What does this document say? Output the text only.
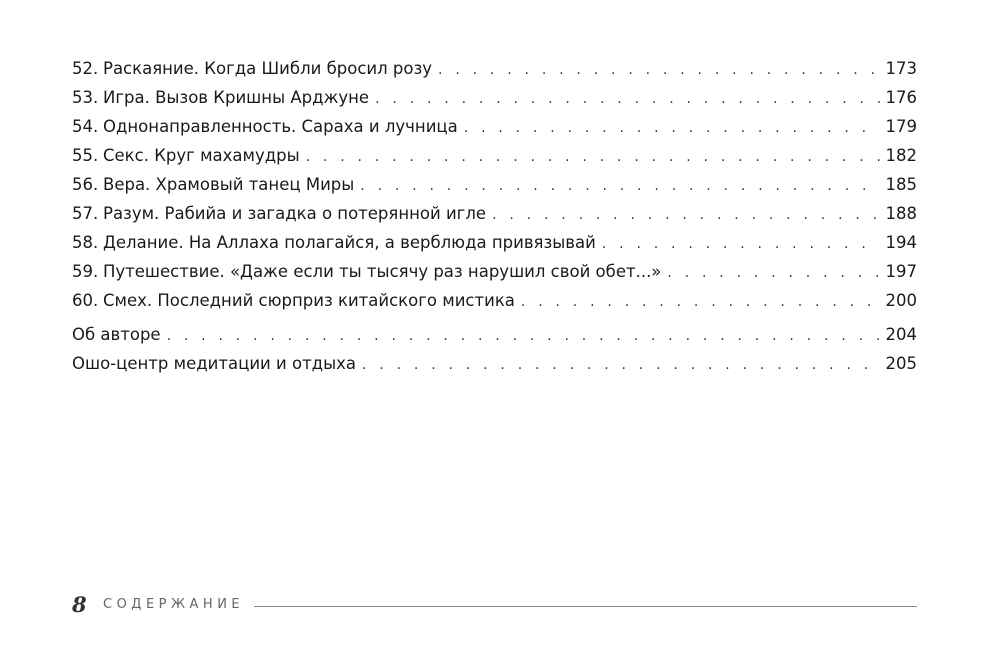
52. Раскаяние. Когда Шибли бросил розу . . .	173
53. Игра. Вызов Кришны Арджуне . . .	176
54. Однонаправленность. Сараха и лучница . . .	179
55. Секс. Круг махамудры . . .	182
56. Вера. Храмовый танец Миры . . .	185
57. Разум. Рабийа и загадка о потерянной игле . . .	188
58. Делание. На Аллаха полагайся, а верблюда привязывай . . .	194
59. Путешествие. «Даже если ты тысячу раз нарушил свой обет...» . . .	197
60. Смех. Последний сюрприз китайского мистика . . .	200
Об авторе . . .	204
Ошо-центр медитации и отдыха . . .	205
8	СОДЕРЖАНИЕ
